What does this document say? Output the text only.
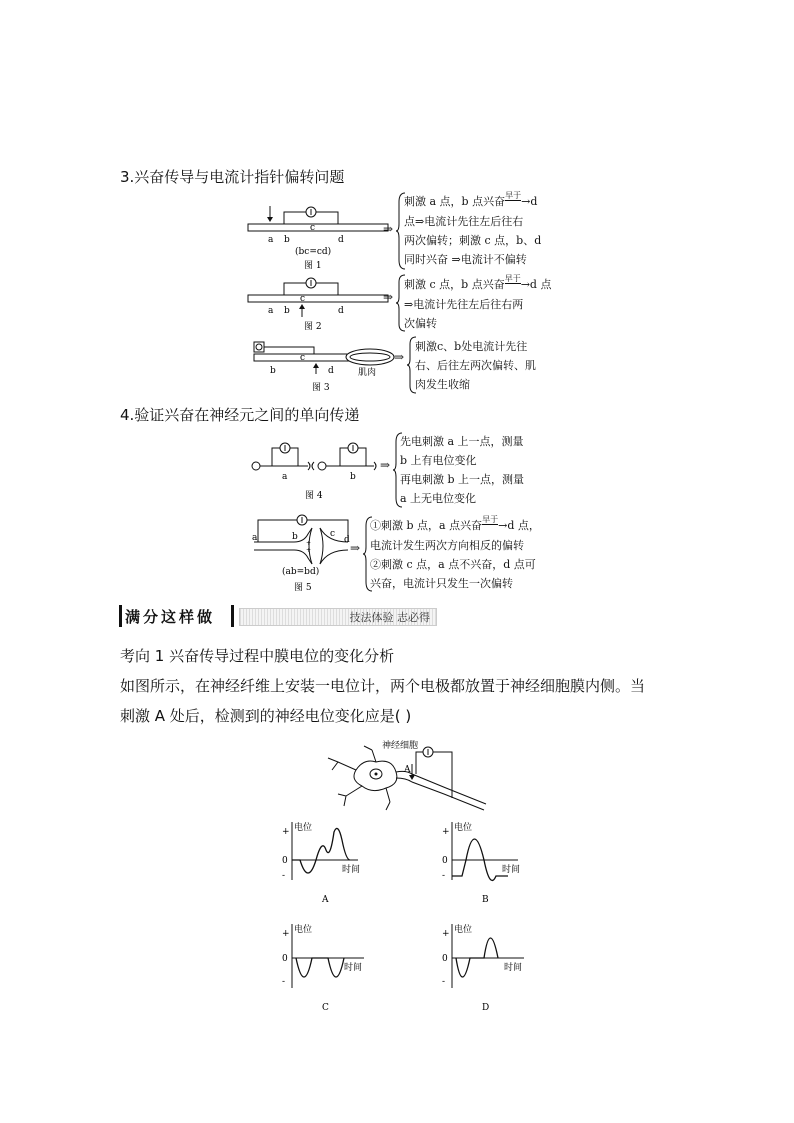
3.兴奋传导与电流计指针偏转问题
a b
c
d
(bc=cd)
图 1
⇒
刺激 a 点，b 点兴奋$^{早于}$→d
点⇒电流计先往左后往右
两次偏转；刺激 c 点，b、d
同时兴奋 ⇒电流计不偏转
a b
c
d
图 2
⇒
刺激 c 点，b 点兴奋$^{早于}$→d 点
⇒电流计先往左后往右两
次偏转
b
c
d	肌肉
图 3
⇒
刺激c、b处电流计先往
右、后往左两次偏转、肌
肉发生收缩
4.验证兴奋在神经元之间的单向传递
a	b
图 4
⇒
先电刺激 a 上一点，测量
b 上有电位变化
再电刺激 b 上一点，测量
a 上无电位变化
+
+
a	b	c
d
(ab=bd)
图 5
⇒
①刺激 b 点，a 点兴奋$^{早于}$→d 点，
电流计发生两次方向相反的偏转
②刺激 c 点，a 点不兴奋，d 点可
兴奋，电流计只发生一次偏转
满分这样做	技法体验 志必得
考向 1 兴奋传导过程中膜电位的变化分析
如图所示，在神经纤维上安装一电位计，两个电极都放置于神经细胞膜内侧。当
刺激 A 处后，检测到的神经电位变化应是( )
神经细胞
A
电位
+
0
-
时间
A
电位
+
0
-
时间
B
电位
+
0
-
时间
C
电位
+
0
-
时间
D
